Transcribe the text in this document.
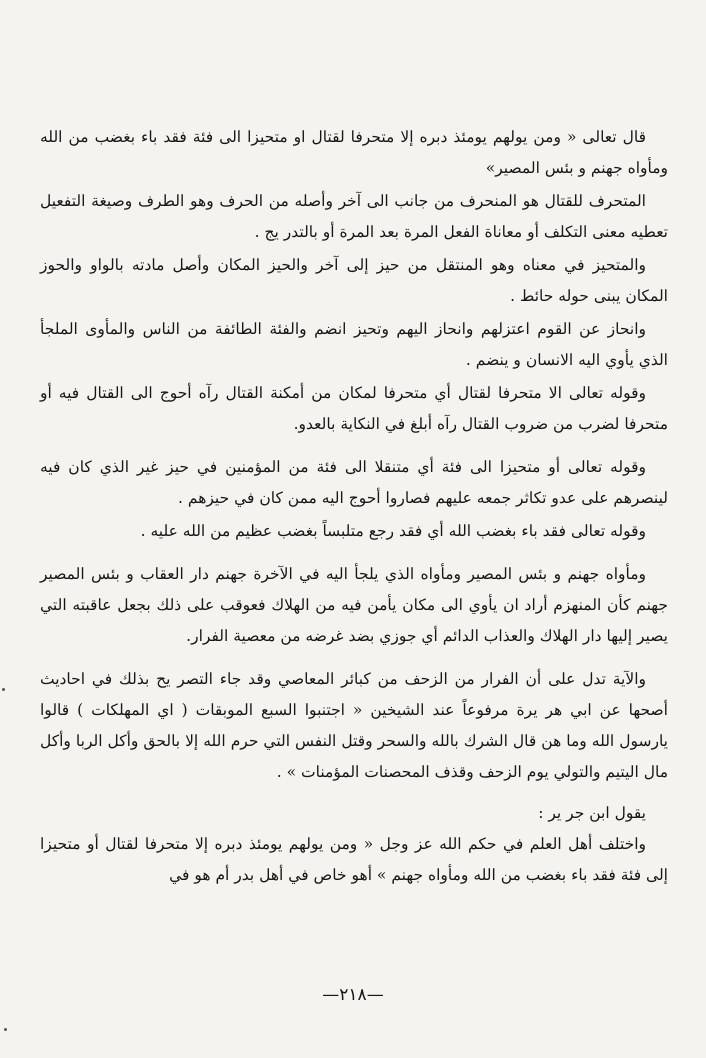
قال تعالى « ومن يولهم يومئذ دبره إلا متحرفا لقتال او متحيزا الى فئة فقد باء بغضب من الله ومأواه جهنم و بئس المصير»

المتحرف للقتال هو المنحرف من جانب الى آخر وأصله من الحرف وهو الطرف وصيغة التفعيل تعطيه معنى التكلف أو معاناة الفعل المرة بعد المرة أو بالتدر يج .

والمتحيز في معناه وهو المنتقل من حيز إلى آخر والحيز المكان وأصل مادته بالواو والحوز المكان يبنى حوله حائط .

وانحاز عن القوم اعتزلهم وانحاز اليهم وتحيز انضم والفئة الطائفة من الناس والمأوى الملجأ الذي يأوي اليه الانسان و ينضم .

وقوله تعالى الا متحرفا لقتال أي متحرفا لمكان من أمكنة القتال رآه أحوج الى القتال فيه أو متحرفا لضرب من ضروب القتال رآه أبلغ في النكاية بالعدو.

وقوله تعالى أو متحيزا الى فئة أي متنقلا الى فئة من المؤمنين في حيز غير الذي كان فيه لينصرهم على عدو تكاثر جمعه عليهم فصاروا أحوج اليه ممن كان في حيزهم .

وقوله تعالى فقد باء بغضب الله أي فقد رجع متلبساً بغضب عظيم من الله عليه .

ومأواه جهنم و بئس المصير ومأواه الذي يلجأ اليه في الآخرة جهنم دار العقاب و بئس المصير جهنم كأن المنهزم أراد ان يأوي الى مكان يأمن فيه من الهلاك فعوقب على ذلك بجعل عاقبته التي يصير إليها دار الهلاك والعذاب الدائم أي جوزي بضد غرضه من معصية الفرار.

والآية تدل على أن الفرار من الزحف من كبائر المعاصي وقد جاء التصر يح بذلك في احاديث أصحها عن ابي هر يرة مرفوعاً عند الشيخين « اجتنبوا السبع الموبقات ( اي المهلكات ) قالوا يارسول الله وما هن قال الشرك بالله والسحر وقتل النفس التي حرم الله إلا بالحق وأكل الربا وأكل مال اليتيم والتولي يوم الزحف وقذف المحصنات المؤمنات » .

يقول ابن جر ير :

واختلف أهل العلم في حكم الله عز وجل « ومن يولهم يومئذ دبره إلا متحرفا لقتال أو متحيزا إلى فئة فقد باء بغضب من الله ومأواه جهنم » أهو خاص في أهل بدر أم هو في

—٢١٨—
